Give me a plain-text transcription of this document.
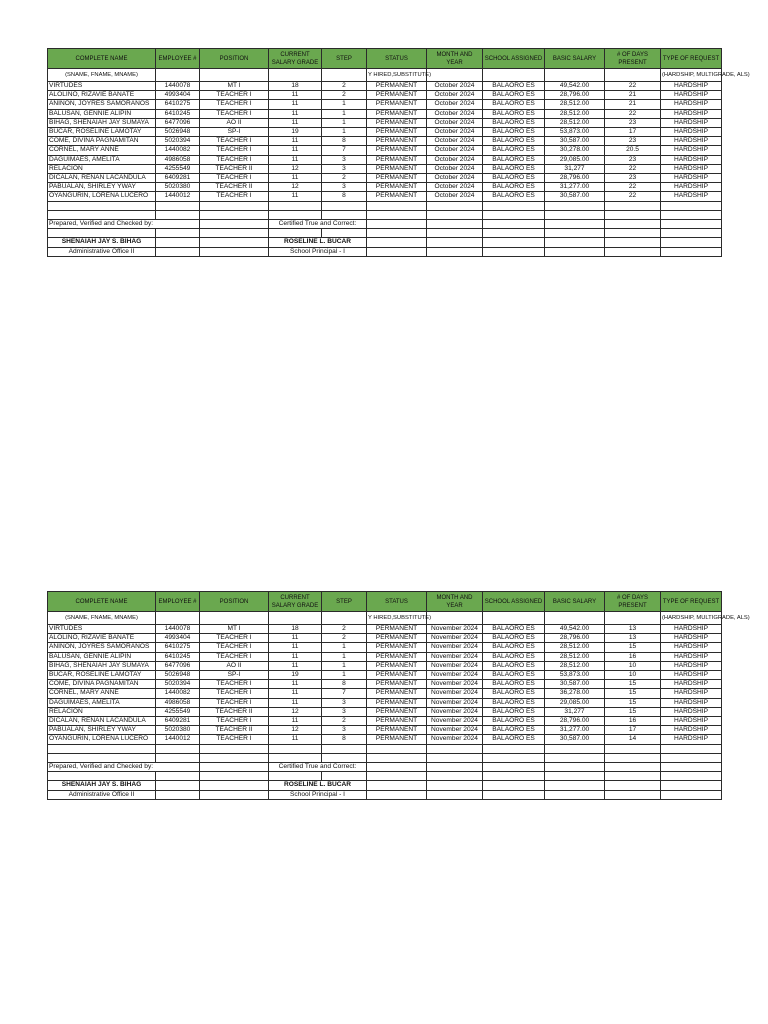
COMPLETE NAME	EMPLOYEE #	POSITION	CURRENT SALARY GRADE	STEP	STATUS	MONTH AND YEAR	SCHOOL ASSIGNED	BASIC SALARY	# OF DAYS PRESENT	TYPE OF REQUEST
(SNAME, FNAME, MNAME)					Y HIRED,SUBSTITUTE)					(HARDSHIP, MULTIGRADE, ALS)
VIRTUDES	1440078	MT I	18	2	PERMANENT	October 2024	BALAORO ES	49,542.00	22	HARDSHIP
ALOLINO, RIZAVIE BANATE	4993404	TEACHER I	11	2	PERMANENT	October 2024	BALAORO ES	28,796.00	21	HARDSHIP
ANINON, JOYRES SAMORANOS	6410275	TEACHER I	11	1	PERMANENT	October 2024	BALAORO ES	28,512.00	21	HARDSHIP
BALUSAN, GENNIE ALIPIN	6410245	TEACHER I	11	1	PERMANENT	October 2024	BALAORO ES	28,512.00	22	HARDSHIP
BIHAG, SHENAIAH JAY SUMAYA	6477096	AO II	11	1	PERMANENT	October 2024	BALAORO ES	28,512.00	23	HARDSHIP
BUCAR, ROSELINE LAMOTAY	5026948	SP-I	19	1	PERMANENT	October 2024	BALAORO ES	53,873.00	17	HARDSHIP
COME, DIVINA PAGNAMITAN	5020394	TEACHER I	11	8	PERMANENT	October 2024	BALAORO ES	30,587.00	23	HARDSHIP
CORNEL, MARY ANNE	1440082	TEACHER I	11	7	PERMANENT	October 2024	BALAORO ES	30,278.00	20.5	HARDSHIP
DAGUIMAES, AMELITA	4986058	TEACHER I	11	3	PERMANENT	October 2024	BALAORO ES	29,085.00	23	HARDSHIP
RELACION	4255549	TEACHER II	12	3	PERMANENT	October 2024	BALAORO ES	31,277	22	HARDSHIP
DICALAN, RENAN LACANDULA	6409281	TEACHER I	11	2	PERMANENT	October 2024	BALAORO ES	28,796.00	23	HARDSHIP
PABUALAN, SHIRLEY YWAY	5020380	TEACHER II	12	3	PERMANENT	October 2024	BALAORO ES	31,277.00	22	HARDSHIP
OYANGURIN, LORENA LUCERO	1440012	TEACHER I	11	8	PERMANENT	October 2024	BALAORO ES	30,587.00	22	HARDSHIP

Prepared, Verified and Checked by:			Certified True and Correct:							

SHENAIAH JAY S. BIHAG			ROSELINE L. BUCAR							
Administrative Office II			School Principal - I							
COMPLETE NAME	EMPLOYEE #	POSITION	CURRENT SALARY GRADE	STEP	STATUS	MONTH AND YEAR	SCHOOL ASSIGNED	BASIC SALARY	# OF DAYS PRESENT	TYPE OF REQUEST
(SNAME, FNAME, MNAME)					Y HIRED,SUBSTITUTE)					(HARDSHIP, MULTIGRADE, ALS)
VIRTUDES	1440078	MT I	18	2	PERMANENT	November 2024	BALAORO ES	49,542.00	13	HARDSHIP
ALOLINO, RIZAVIE BANATE	4993404	TEACHER I	11	2	PERMANENT	November 2024	BALAORO ES	28,796.00	13	HARDSHIP
ANINON, JOYRES SAMORANOS	6410275	TEACHER I	11	1	PERMANENT	November 2024	BALAORO ES	28,512.00	15	HARDSHIP
BALUSAN, GENNIE ALIPIN	6410245	TEACHER I	11	1	PERMANENT	November 2024	BALAORO ES	28,512.00	16	HARDSHIP
BIHAG, SHENAIAH JAY SUMAYA	6477096	AO II	11	1	PERMANENT	November 2024	BALAORO ES	28,512.00	10	HARDSHIP
BUCAR, ROSELINE LAMOTAY	5026948	SP-I	19	1	PERMANENT	November 2024	BALAORO ES	53,873.00	10	HARDSHIP
COME, DIVINA PAGNAMITAN	5020394	TEACHER I	11	8	PERMANENT	November 2024	BALAORO ES	30,587.00	15	HARDSHIP
CORNEL, MARY ANNE	1440082	TEACHER I	11	7	PERMANENT	November 2024	BALAORO ES	36,278.00	15	HARDSHIP
DAGUIMAES, AMELITA	4986058	TEACHER I	11	3	PERMANENT	November 2024	BALAORO ES	29,085.00	15	HARDSHIP
RELACION	4255549	TEACHER II	12	3	PERMANENT	November 2024	BALAORO ES	31,277	15	HARDSHIP
DICALAN, RENAN LACANDULA	6409281	TEACHER I	11	2	PERMANENT	November 2024	BALAORO ES	28,796.00	16	HARDSHIP
PABUALAN, SHIRLEY YWAY	5020380	TEACHER II	12	3	PERMANENT	November 2024	BALAORO ES	31,277.00	17	HARDSHIP
OYANGURIN, LORENA LUCERO	1440012	TEACHER I	11	8	PERMANENT	November 2024	BALAORO ES	30,587.00	14	HARDSHIP

Prepared, Verified and Checked by:			Certified True and Correct:							

SHENAIAH JAY S. BIHAG			ROSELINE L. BUCAR							
Administrative Office II			School Principal - I							
